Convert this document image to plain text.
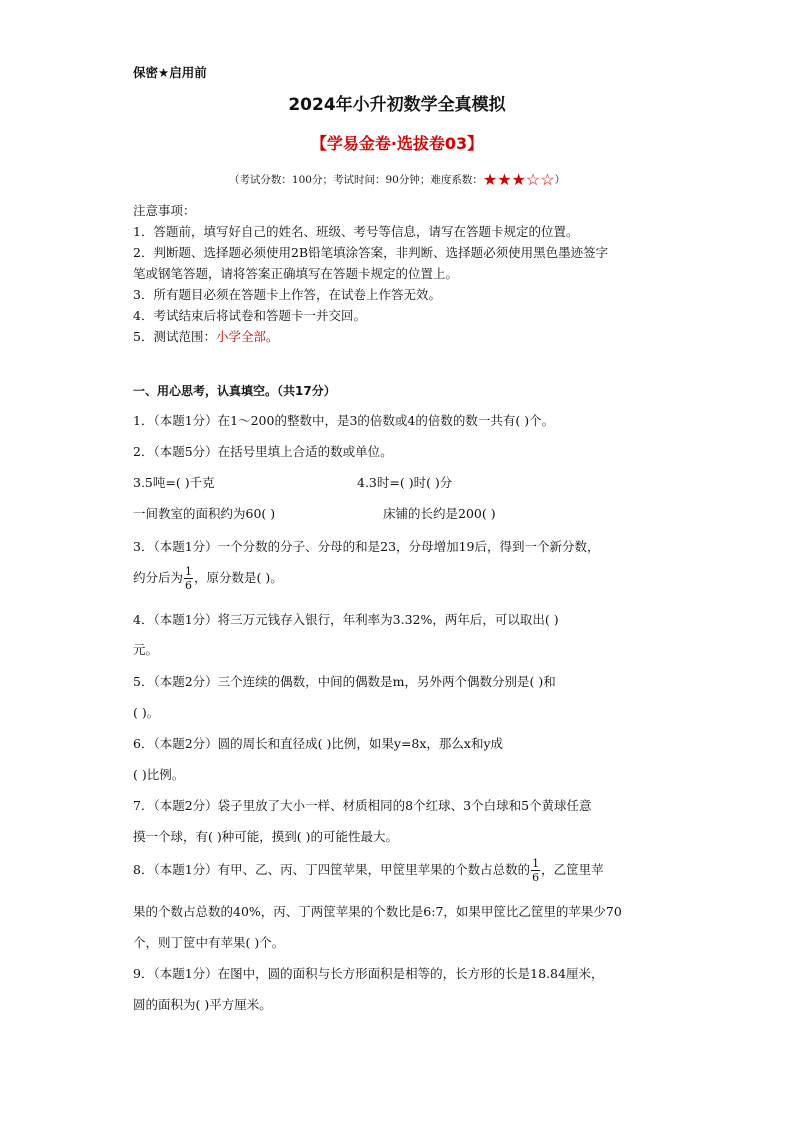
保密★启用前
2024年小升初数学全真模拟
【学易金卷·选拔卷03】
（考试分数：100分；考试时间：90分钟；难度系数：★★★☆☆）
注意事项：
1．答题前，填写好自己的姓名、班级、考号等信息，请写在答题卡规定的位置。
2．判断题、选择题必须使用2B铅笔填涂答案，非判断、选择题必须使用黑色墨迹签字
笔或钢笔答题，请将答案正确填写在答题卡规定的位置上。
3．所有题目必须在答题卡上作答，在试卷上作答无效。
4．考试结束后将试卷和答题卡一并交回。
5．测试范围：小学全部。
一、用心思考，认真填空。（共17分）
1．（本题1分）在1～200的整数中，是3的倍数或4的倍数的数一共有( )个。
2．（本题5分）在括号里填上合适的数或单位。
3.5吨=( )千克	4.3时=( )时( )分
一间教室的面积约为60( )	床铺的长约是200( )
3．（本题1分）一个分数的分子、分母的和是23，分母增加19后，得到一个新分数，
约分后为 $\frac{1}{6}$ ，原分数是( )。
4．（本题1分）将三万元钱存入银行，年利率为3.32%，两年后，可以取出( )
元。
5．（本题2分）三个连续的偶数，中间的偶数是m，另外两个偶数分别是( )和
( )。
6．（本题2分）圆的周长和直径成( )比例，如果y=8x，那么x和y成
( )比例。
7．（本题2分）袋子里放了大小一样、材质相同的8个红球、3个白球和5个黄球任意
摸一个球，有( )种可能，摸到( )的可能性最大。
8．（本题1分）有甲、乙、丙、丁四筐苹果，甲筐里苹果的个数占总数的 $\frac{1}{6}$ ，乙筐里苹
果的个数占总数的40%，丙、丁两筐苹果的个数比是6:7，如果甲筐比乙筐里的苹果少70
个，则丁筐中有苹果( )个。
9．（本题1分）在图中，圆的面积与长方形面积是相等的，长方形的长是18.84厘米，
圆的面积为( )平方厘米。
